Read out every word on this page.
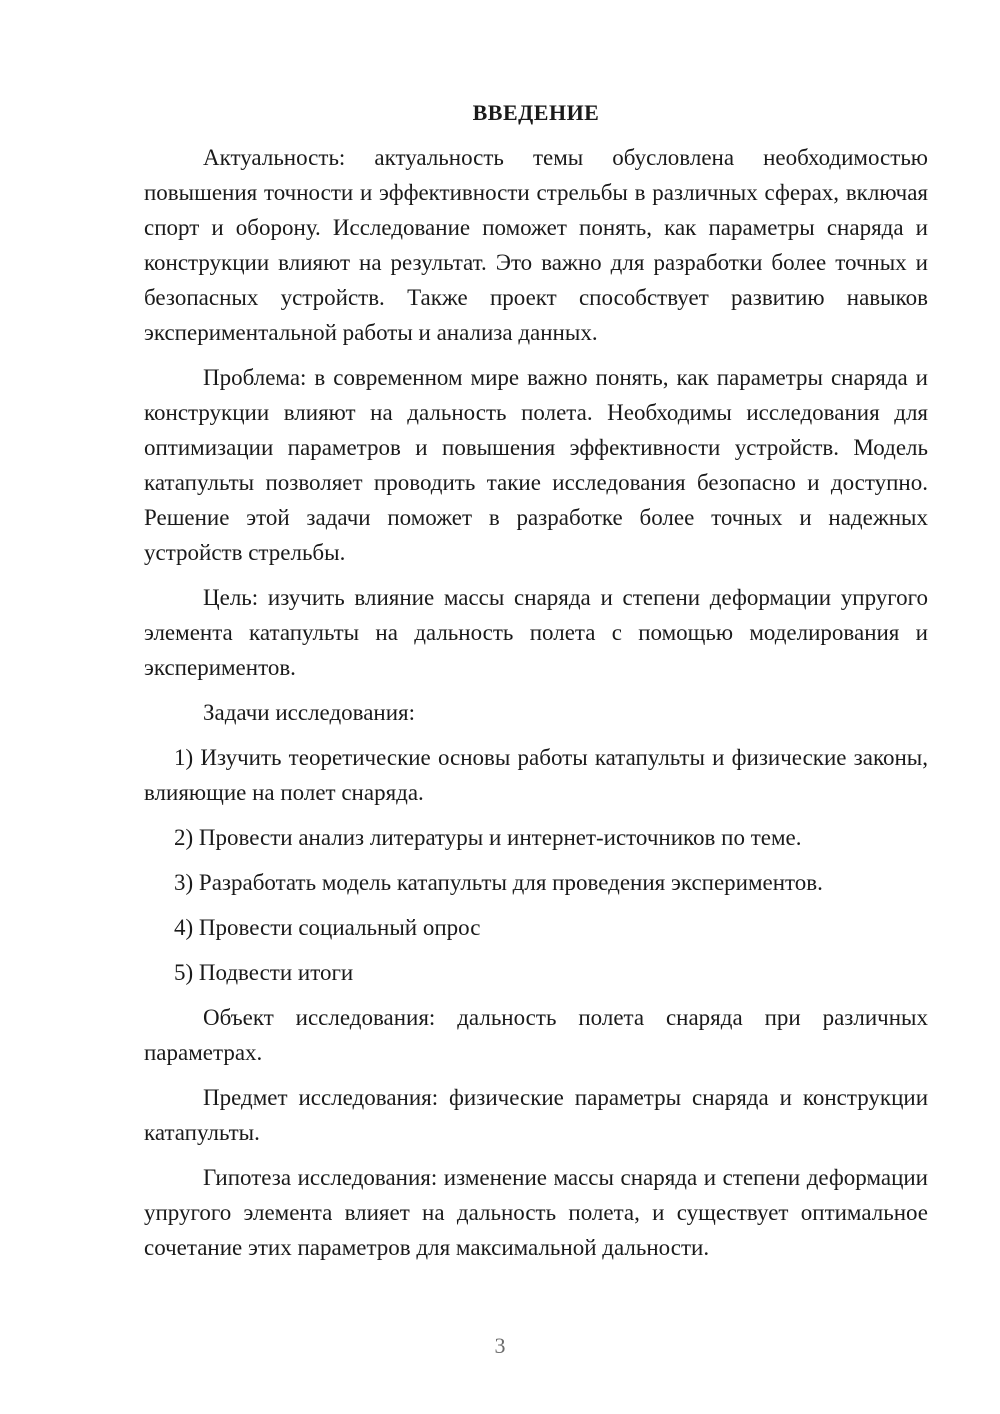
ВВЕДЕНИЕ

Актуальность: актуальность темы обусловлена необходимостью повышения точности и эффективности стрельбы в различных сферах, включая спорт и оборону. Исследование поможет понять, как параметры снаряда и конструкции влияют на результат. Это важно для разработки более точных и безопасных устройств. Также проект способствует развитию навыков экспериментальной работы и анализа данных.

Проблема: в современном мире важно понять, как параметры снаряда и конструкции влияют на дальность полета. Необходимы исследования для оптимизации параметров и повышения эффективности устройств. Модель катапульты позволяет проводить такие исследования безопасно и доступно. Решение этой задачи поможет в разработке более точных и надежных устройств стрельбы.

Цель: изучить влияние массы снаряда и степени деформации упругого элемента катапульты на дальность полета с помощью моделирования и экспериментов.

Задачи исследования:

1) Изучить теоретические основы работы катапульты и физические законы, влияющие на полет снаряда.

2) Провести анализ литературы и интернет-источников по теме.

3) Разработать модель катапульты для проведения экспериментов.

4) Провести социальный опрос

5) Подвести итоги

Объект исследования: дальность полета снаряда при различных параметрах.

Предмет исследования: физические параметры снаряда и конструкции катапульты.

Гипотеза исследования: изменение массы снаряда и степени деформации упругого элемента влияет на дальность полета, и существует оптимальное сочетание этих параметров для максимальной дальности.

3
